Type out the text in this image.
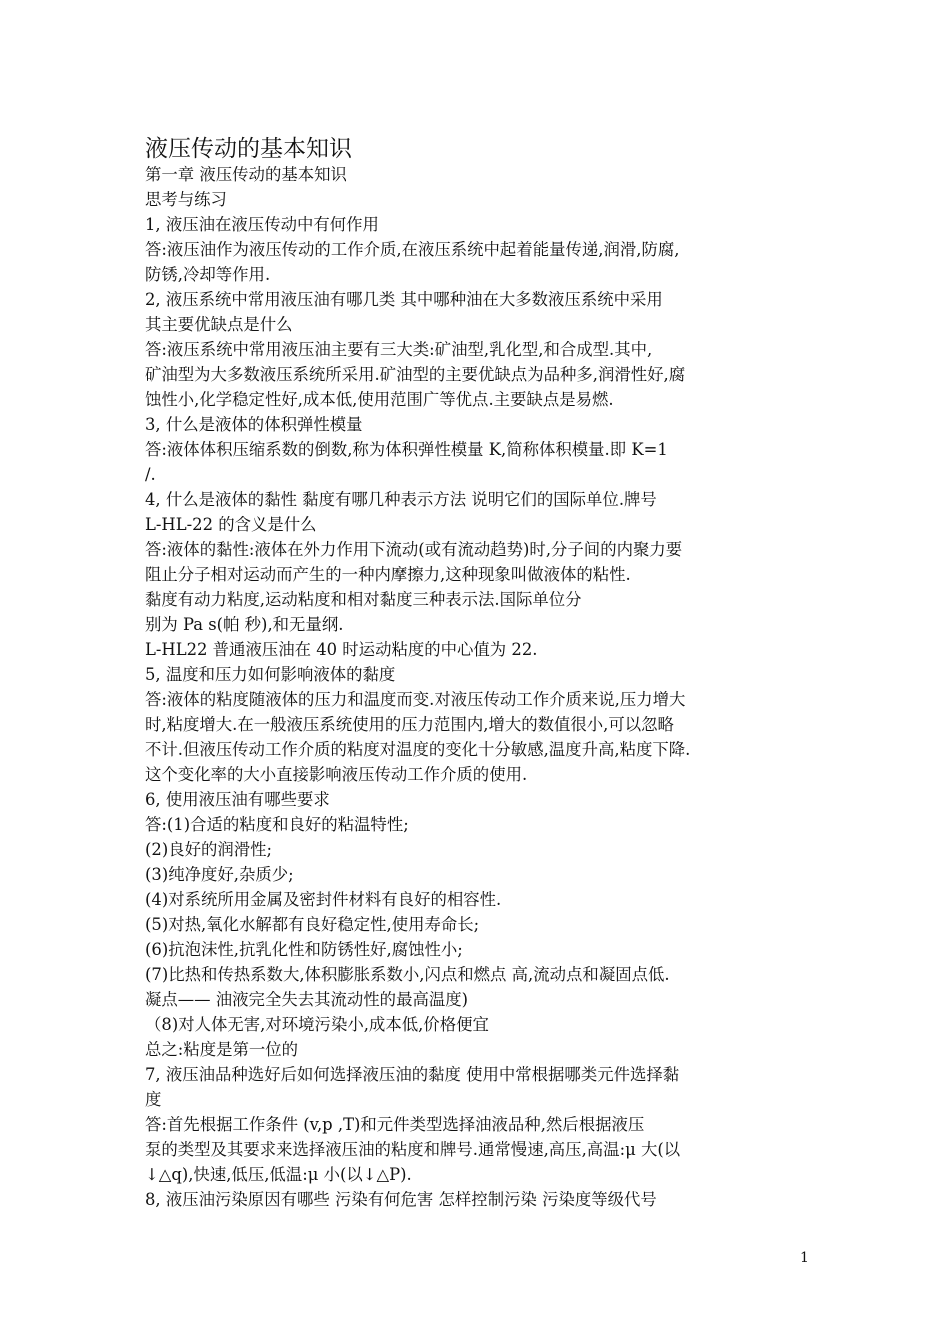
液压传动的基本知识
第一章 液压传动的基本知识
思考与练习
1, 液压油在液压传动中有何作用
答:液压油作为液压传动的工作介质,在液压系统中起着能量传递,润滑,防腐,
防锈,冷却等作用.
2, 液压系统中常用液压油有哪几类 其中哪种油在大多数液压系统中采用
其主要优缺点是什么
答:液压系统中常用液压油主要有三大类:矿油型,乳化型,和合成型.其中,
矿油型为大多数液压系统所采用.矿油型的主要优缺点为品种多,润滑性好,腐
蚀性小,化学稳定性好,成本低,使用范围广等优点.主要缺点是易燃.
3, 什么是液体的体积弹性模量
答:液体体积压缩系数的倒数,称为体积弹性模量 K,简称体积模量.即 K=1
/.
4, 什么是液体的黏性 黏度有哪几种表示方法 说明它们的国际单位.牌号
L-HL-22 的含义是什么
答:液体的黏性:液体在外力作用下流动(或有流动趋势)时,分子间的内聚力要
阻止分子相对运动而产生的一种内摩擦力,这种现象叫做液体的粘性.
黏度有动力粘度,运动粘度和相对黏度三种表示法.国际单位分
别为 Pa s(帕 秒),和无量纲.
L-HL22 普通液压油在 40 时运动粘度的中心值为 22.
5, 温度和压力如何影响液体的黏度
答:液体的粘度随液体的压力和温度而变.对液压传动工作介质来说,压力增大
时,粘度增大.在一般液压系统使用的压力范围内,增大的数值很小,可以忽略
不计.但液压传动工作介质的粘度对温度的变化十分敏感,温度升高,粘度下降.
这个变化率的大小直接影响液压传动工作介质的使用.
6, 使用液压油有哪些要求
答:(1)合适的粘度和良好的粘温特性;
(2)良好的润滑性;
(3)纯净度好,杂质少;
(4)对系统所用金属及密封件材料有良好的相容性.
(5)对热,氧化水解都有良好稳定性,使用寿命长;
(6)抗泡沫性,抗乳化性和防锈性好,腐蚀性小;
(7)比热和传热系数大,体积膨胀系数小,闪点和燃点 高,流动点和凝固点低.
凝点—— 油液完全失去其流动性的最高温度)
（8)对人体无害,对环境污染小,成本低,价格便宜
总之:粘度是第一位的
7, 液压油品种选好后如何选择液压油的黏度 使用中常根据哪类元件选择黏
度
答:首先根据工作条件 (v,p ,T)和元件类型选择油液品种,然后根据液压
泵的类型及其要求来选择液压油的粘度和牌号.通常慢速,高压,高温:μ 大(以
↓△q),快速,低压,低温:μ 小(以↓△P).
8, 液压油污染原因有哪些 污染有何危害 怎样控制污染 污染度等级代号
1
